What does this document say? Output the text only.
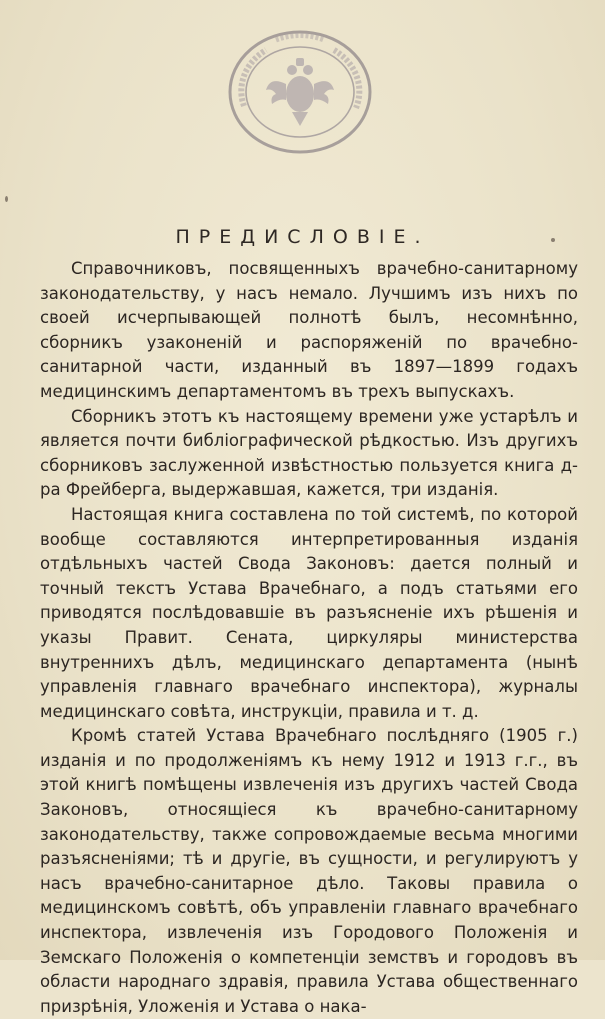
ПРЕДИСЛОВІЕ.

Справочниковъ, посвященныхъ врачебно-санитарному законодательству, у насъ немало. Лучшимъ изъ нихъ по своей исчерпывающей полнотѣ былъ, несомнѣнно, сборникъ узаконеній и распоряженій по врачебно-санитарной части, изданный въ 1897—1899 годахъ медицинскимъ департаментомъ въ трехъ выпускахъ.

Сборникъ этотъ къ настоящему времени уже устарѣлъ и является почти библіографической рѣдкостью. Изъ другихъ сборниковъ заслуженной извѣстностью пользуется книга д-ра Фрейберга, выдержавшая, кажется, три изданія.

Настоящая книга составлена по той системѣ, по которой вообще составляются интерпретированныя изданія отдѣльныхъ частей Свода Законовъ: дается полный и точный текстъ Устава Врачебнаго, а подъ статьями его приводятся послѣдовавшіе въ разъясненіе ихъ рѣшенія и указы Правит. Сената, циркуляры министерства внутреннихъ дѣлъ, медицинскаго департамента (нынѣ управленія главнаго врачебнаго инспектора), журналы медицинскаго совѣта, инструкціи, правила и т. д.

Кромѣ статей Устава Врачебнаго послѣдняго (1905 г.) изданія и по продолженіямъ къ нему 1912 и 1913 г.г., въ этой книгѣ помѣщены извлеченія изъ другихъ частей Свода Законовъ, относящіеся къ врачебно-санитарному законодательству, также сопровождаемые весьма многими разъясненіями; тѣ и другіе, въ сущности, и регулируютъ у насъ врачебно-санитарное дѣло. Таковы правила о медицинскомъ совѣтѣ, объ управленіи главнаго врачебнаго инспектора, извлеченія изъ Городового Положенія и Земскаго Положенія о компетенціи земствъ и городовъ въ области народнаго здравія, правила Устава общественнаго призрѣнія, Уложенія и Устава о нака-
